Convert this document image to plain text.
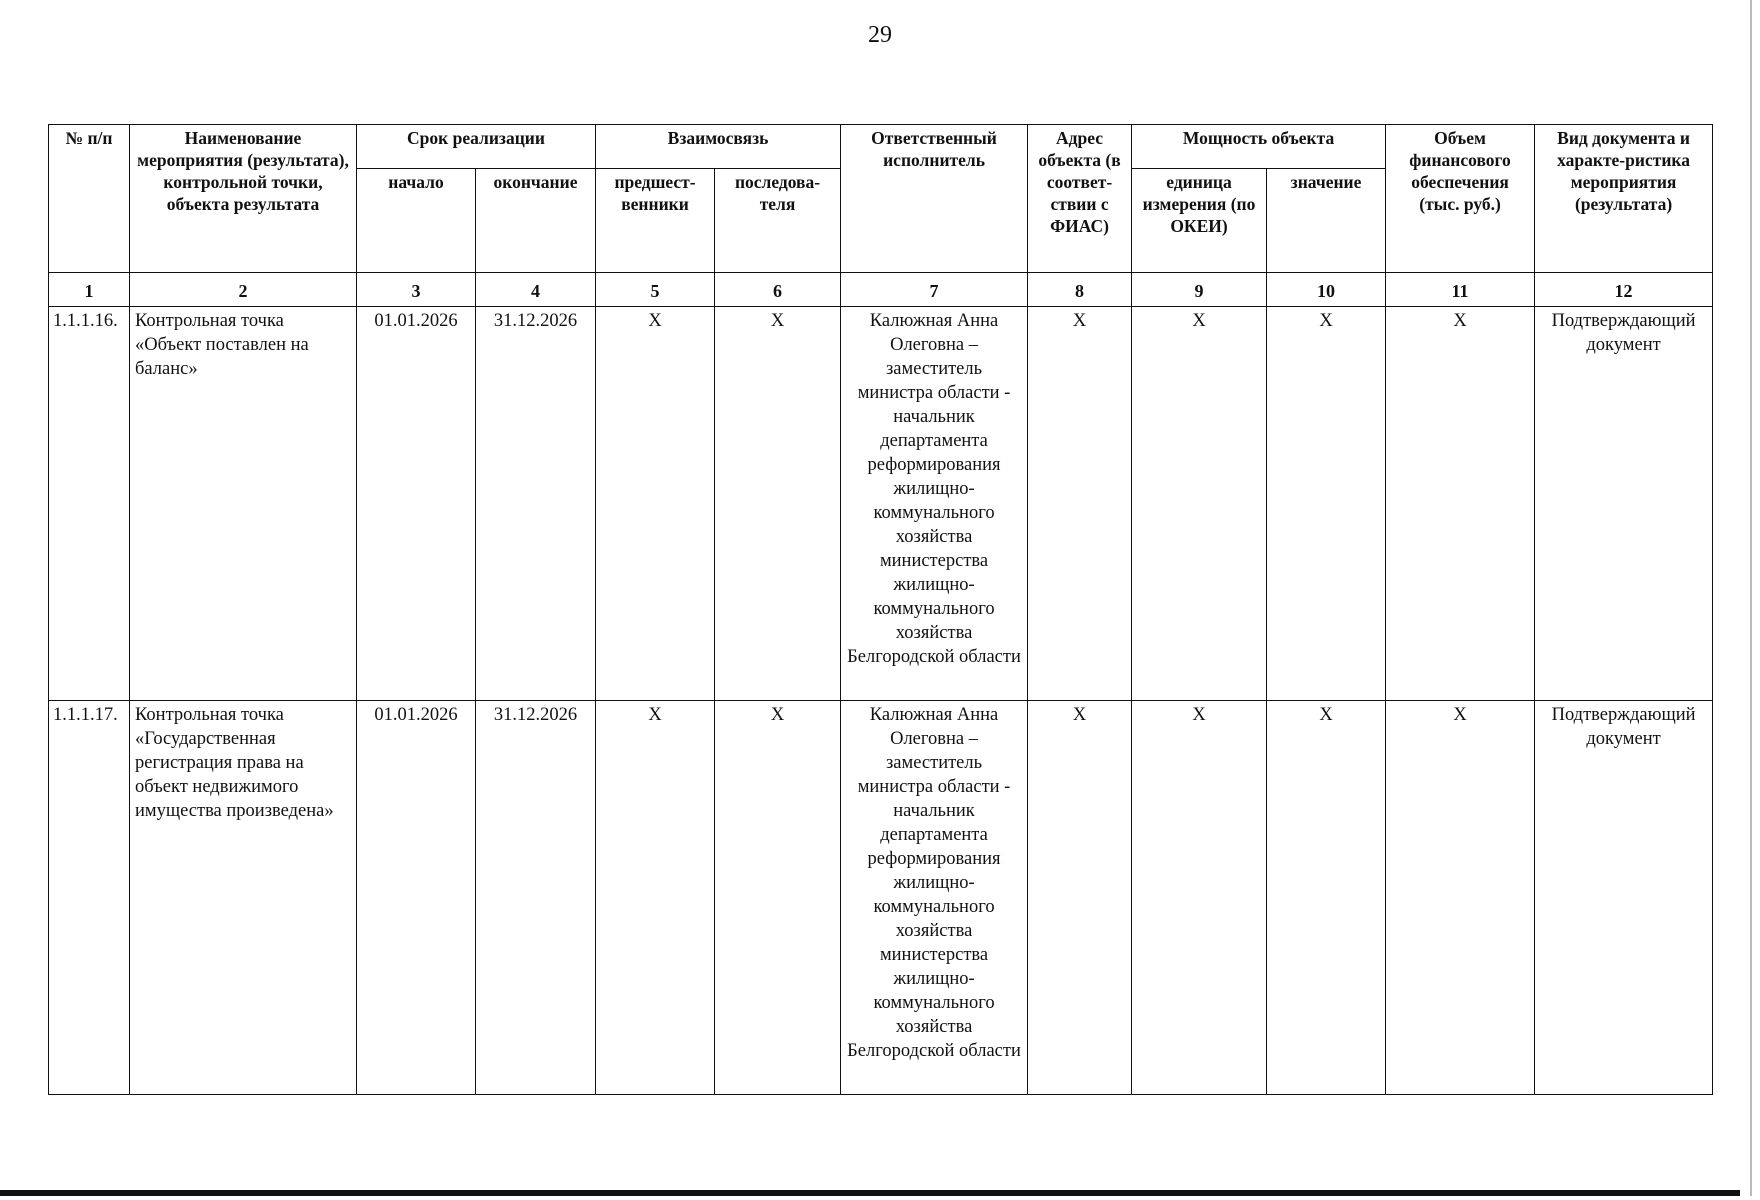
29
№ п/п	Наименование мероприятия (результата), контрольной точки, объекта результата	Срок реализации		Взаимосвязь		Ответственный исполнитель	Адрес объекта (в соответ-ствии с ФИАС)	Мощность объекта		Объем финансового обеспечения (тыс. руб.)	Вид документа и характе-ристика мероприятия (результата)
		начало	окончание	предшест-венники	последова-теля			единица измерения (по ОКЕИ)	значение		
1	2	3	4	5	6	7	8	9	10	11	12
1.1.1.16.	Контрольная точка «Объект поставлен на баланс»	01.01.2026	31.12.2026	X	X	Калюжная Анна Олеговна – заместитель министра области - начальник департамента реформирования жилищно-коммунального хозяйства министерства жилищно-коммунального хозяйства Белгородской области	X	X	X	X	Подтверждающий документ
1.1.1.17.	Контрольная точка «Государственная регистрация права на объект недвижимого имущества произведена»	01.01.2026	31.12.2026	X	X	Калюжная Анна Олеговна – заместитель министра области - начальник департамента реформирования жилищно-коммунального хозяйства министерства жилищно-коммунального хозяйства Белгородской области	X	X	X	X	Подтверждающий документ
